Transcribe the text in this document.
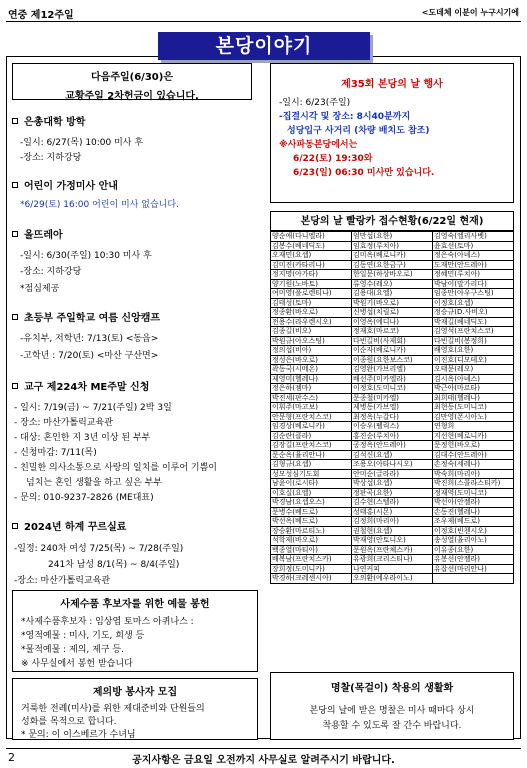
연중 제12주일	<도데체 이분이 누구시기에
본당이야기
다음주일(6/30)은
교황주일 2차헌금이 있습니다.
은총대학 방학
-일시: 6/27(목) 10:00 미사 후
-장소: 지하강당
어린이 가정미사 안내
*6/29(토) 16:00 어린이 미사 없습니다.
올뜨레아
-일시: 6/30(주일) 10:30 미사 후
-장소: 지하강당
*점심제공
초등부 주일학교 여름 신앙캠프
-유치부, 저학년: 7/13(토) <동읍>
-고학년 : 7/20(토) <마산 구산면>
교구 제224차 ME주말 신청
- 일시: 7/19(금) ~ 7/21(주일) 2박 3일
- 장소: 마산가톨릭교육관
- 대상: 혼인한 지 3년 이상 된 부부
- 신청마감: 7/11(목)
- 친밀한 의사소통으로 사랑의 일치를 이루어 기쁨이
넘치는 혼인 생활을 하고 싶은 부부
- 문의: 010-9237-2826 (ME대표)
2024년 하계 꾸르실료
-일정: 240차 여성 7/25(목) ~ 7/28(주일)
241차 남성 8/1(목) ~ 8/4(주일)
-장소: 마산가톨릭교육관
사제수품 후보자를 위한 예물 봉헌
*사제수품후보자 : 임상엽 토마스 아퀴나스 :
*영적예물 : 미사, 기도, 희생 등
*물적예물 : 제의, 제구 등.
※ 사무실에서 봉헌 받습니다
제의방 봉사자 모집
거룩한 전례(미사)를 위한 제대준비와 단원들의
성화를 목적으로 합니다.
* 문의: 이 이스베르가 수녀님
제35회 본당의 날 행사
-일시: 6/23(주일)
-집결시각 및 장소: 8시40분까지
성당입구 사거리 (차량 배치도 참조)
※사파동본당에서는
6/22(토) 19:30와
6/23(일) 06:30 미사만 있습니다.
본당의 날 빨랑카 접수현황(6/22일 현재)
양순애(다니엘라)	엄만섭(요한)	김영숙(엘리사벳)
김봉수(베네딕도)	임효정(루치아)	윤효선(토마)
오재민(요셉)	김미옥(베로니카)	정은숙(아녜스)
김미진(카타리나)	김동연(요한금구)	도재만(안드레아)
정지명(아가타)	한일문(하상바오로)	정혜민(루치아)
양기원(노바토)	류영수(레오)	박남이(말가리다)
여미영(플로렌티나)	김용대(요엘)	임종만(아우구스팅)
김태성(토마)	박원기(바오로)	이정호(요셉)
정종환(바오로)	신병섭(치릴로)	정승규(D.사비오)
전용수(라우렌시오)	이영옥(에디나)	박재길(베네딕도)
김종길(비오)	정재호(마르코)	김영석(프란치스코)
박원규(아오스팅)	다빈길비(사제회)	다빈길비(봉정희)
정의섭(비아)	이순자(베로니카)	배영호(요한)
정성은(바오로)	이종원(요한보스코)	이진호(디모테오)
곽동국(시메온)	김영완(가브리엘)	오태문(레오)
제영미(헬레나)	배선주(미카엘라)	김시옥(아녜스)
정은하(젬마)	이정호(도미니코)	박근아(마르타)
박진세(판수스)	문종철(미카엘)	최희태(헬레나)
이휘주(마고보)	제병동(가브엘)	최현동(도미니코)
안문형(프란치스코)	최정옥(누갈다)	김만영(폰시아노)
임경상(베로니카)	이승우(펠릭스)	연형희
김순란(클라)	홍진순(루치아)	지선현(베로니카)
김장길(프란치스코)	공정옥(안드레아)	문정헌(바오로)
문순옥(율리안나)	김석신(요셉)	김대수(안드레아)
김형규(요셉)	조용오(아타나시오)	손정숙(세레나)
성모성심기도회	안미순(글라라)	박숙희(마리아)
남윤이(로시타)	박상섭(요셉)	박진희(스콜라스티카)
이호실(요엘)	정판곡(요한)	정재역(도미니코)
박경남(요셉오스)	김수현(스텔라)	박선아(안젤라)
문병수(베드로)	성태홍(시몬)	손동진(헬레나)
박선옥(베드로)	김정희(마리아)	조우제(베드로)
장승환(마르티노)	권철현(요셉)	이정호(빈첸시오)
석학제(바오로)	박재영(안토니오)	송성열(율리아노)
백종열(마티아)	문원옥(프란체스카)	이유종(요한)
배복남(프란치스카)	유광희(크리스티나)	유봉선(안젤라)
장희정(도미니카)	나연커피	유잡선(마리안나)
박경하(크레센시아)	오의환(에우라이노)	
명찰(목걸이) 착용의 생활화
본당의 날에 받은 명찰은 미사 때마다 상시
착용할 수 있도록 잘 간수 바랍니다.
공지사항은 금요일 오전까지 사무실로 알려주시기 바랍니다.
2
